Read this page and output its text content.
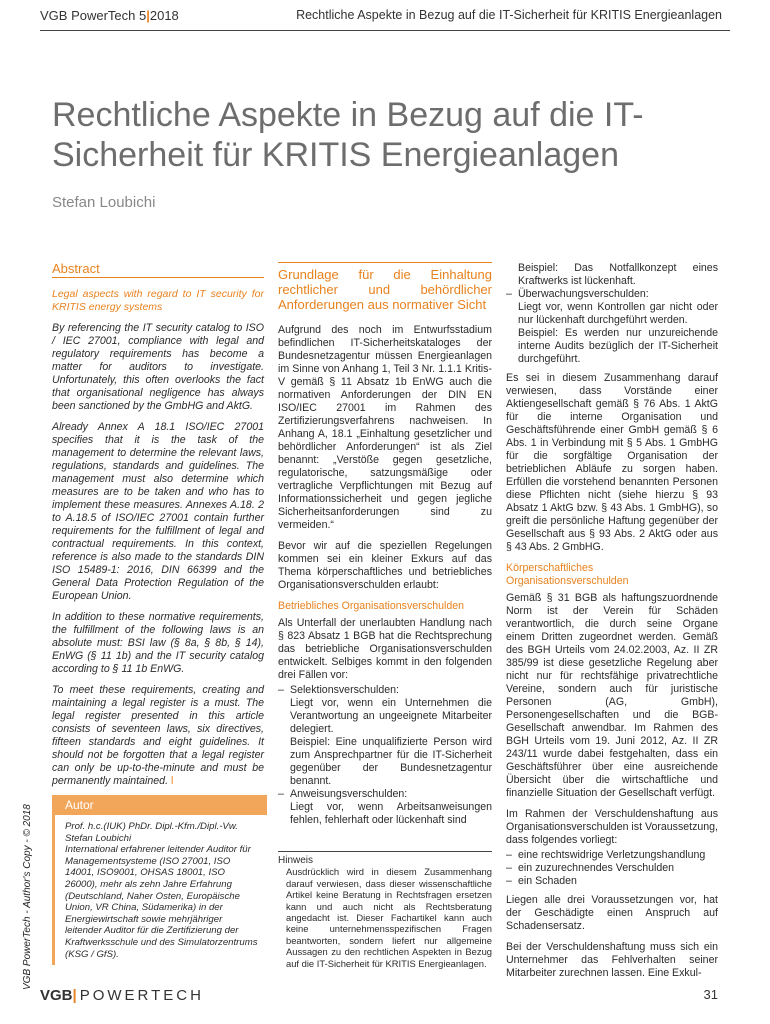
VGB PowerTech 5|2018	Rechtliche Aspekte in Bezug auf die IT-Sicherheit für KRITIS Energieanlagen
Rechtliche Aspekte in Bezug auf die IT-Sicherheit für KRITIS Energieanlagen
Stefan Loubichi
VGB PowerTech - Author's Copy - © 2018
Abstract
Legal aspects with regard to IT security for KRITIS energy systems

By referencing the IT security catalog to ISO / IEC 27001, compliance with legal and regulatory requirements has become a matter for auditors to investigate. Unfortunately, this often overlooks the fact that organisational negligence has always been sanctioned by the GmbHG and AktG.

Already Annex A 18.1 ISO/IEC 27001 specifies that it is the task of the management to determine the relevant laws, regulations, standards and guidelines. The management must also determine which measures are to be taken and who has to implement these measures. Annexes A.18. 2 to A.18.5 of ISO/IEC 27001 contain further requirements for the fulfillment of legal and contractual requirements. In this context, reference is also made to the standards DIN ISO 15489-1: 2016, DIN 66399 and the General Data Protection Regulation of the European Union.

In addition to these normative requirements, the fulfillment of the following laws is an absolute must: BSI law (§ 8a, § 8b, § 14), EnWG (§ 11 1b) and the IT security catalog according to § 11 1b EnWG.

To meet these requirements, creating and maintaining a legal register is a must. The legal register presented in this article consists of seventeen laws, six directives, fifteen standards and eight guidelines. It should not be forgotten that a legal register can only be up-to-the-minute and must be permanently maintained. l

Autor
Prof. h.c.(IUK) PhDr. Dipl.-Kfm./Dipl.-Vw. Stefan Loubichi
International erfahrener leitender Auditor für Managementsysteme (ISO 27001, ISO 14001, ISO9001, OHSAS 18001, ISO 26000), mehr als zehn Jahre Erfahrung (Deutschland, Naher Osten, Europäische Union, VR China, Südamerika) in der Energiewirtschaft sowie mehrjähriger leitender Auditor für die Zertifizierung der Kraftwerksschule und des Simulatorzentrums (KSG / GfS).
Grundlage für die Einhaltung rechtlicher und behördlicher Anforderungen aus normativer Sicht

Aufgrund des noch im Entwurfsstadium befindlichen IT-Sicherheitskataloges der Bundesnetzagentur müssen Energieanlagen im Sinne von Anhang 1, Teil 3 Nr. 1.1.1 Kritis-V gemäß § 11 Absatz 1b EnWG auch die normativen Anforderungen der DIN EN ISO/IEC 27001 im Rahmen des Zertifizierungsverfahrens nachweisen. In Anhang A, 18.1 „Einhaltung gesetzlicher und behördlicher Anforderungen“ ist als Ziel benannt: „Verstöße gegen gesetzliche, regulatorische, satzungsmäßige oder vertragliche Verpflichtungen mit Bezug auf Informationssicherheit und gegen jegliche Sicherheitsanforderungen sind zu vermeiden.“

Bevor wir auf die speziellen Regelungen kommen sei ein kleiner Exkurs auf das Thema körperschaftliches und betriebliches Organisationsverschulden erlaubt:

Betriebliches Organisationsverschulden

Als Unterfall der unerlaubten Handlung nach § 823 Absatz 1 BGB hat die Rechtsprechung das betriebliche Organisationsverschulden entwickelt. Selbiges kommt in den folgenden drei Fällen vor:

– Selektionsverschulden:
Liegt vor, wenn ein Unternehmen die Verantwortung an ungeeignete Mitarbeiter delegiert.
Beispiel: Eine unqualifizierte Person wird zum Ansprechpartner für die IT-Sicherheit gegenüber der Bundesnetzagentur benannt.
– Anweisungsverschulden:
Liegt vor, wenn Arbeitsanweisungen fehlen, fehlerhaft oder lückenhaft sind
Hinweis
Ausdrücklich wird in diesem Zusammenhang darauf verwiesen, dass dieser wissenschaftliche Artikel keine Beratung in Rechtsfragen ersetzen kann und auch nicht als Rechtsberatung angedacht ist. Dieser Fachartikel kann auch keine unternehmensspezifischen Fragen beantworten, sondern liefert nur allgemeine Aussagen zu den rechtlichen Aspekten in Bezug auf die IT-Sicherheit für KRITIS Energieanlagen.
Beispiel: Das Notfallkonzept eines Kraftwerks ist lückenhaft.
– Überwachungsverschulden:
Liegt vor, wenn Kontrollen gar nicht oder nur lückenhaft durchgeführt werden.
Beispiel: Es werden nur unzureichende interne Audits bezüglich der IT-Sicherheit durchgeführt.

Es sei in diesem Zusammenhang darauf verwiesen, dass Vorstände einer Aktiengesellschaft gemäß § 76 Abs. 1 AktG für die interne Organisation und Geschäftsführende einer GmbH gemäß § 6 Abs. 1 in Verbindung mit § 5 Abs. 1 GmbHG für die sorgfältige Organisation der betrieblichen Abläufe zu sorgen haben. Erfüllen die vorstehend benannten Personen diese Pflichten nicht (siehe hierzu § 93 Absatz 1 AktG bzw. § 43 Abs. 1 GmbHG), so greift die persönliche Haftung gegenüber der Gesellschaft aus § 93 Abs. 2 AktG oder aus § 43 Abs. 2 GmbHG.

Körperschaftliches Organisationsverschulden

Gemäß § 31 BGB als haftungszuordnende Norm ist der Verein für Schäden verantwortlich, die durch seine Organe einem Dritten zugeordnet werden. Gemäß des BGH Urteils vom 24.02.2003, Az. II ZR 385/99 ist diese gesetzliche Regelung aber nicht nur für rechtsfähige privatrechtliche Vereine, sondern auch für juristische Personen (AG, GmbH), Personengesellschaften und die BGB-Gesellschaft anwendbar. Im Rahmen des BGH Urteils vom 19. Juni 2012, Az. II ZR 243/11 wurde dabei festgehalten, dass ein Geschäftsführer über eine ausreichende Übersicht über die wirtschaftliche und finanzielle Situation der Gesellschaft verfügt.

Im Rahmen der Verschuldenshaftung aus Organisationsverschulden ist Voraussetzung, dass folgendes vorliegt:

– eine rechtswidrige Verletzungshandlung
– ein zuzurechnendes Verschulden
– ein Schaden

Liegen alle drei Voraussetzungen vor, hat der Geschädigte einen Anspruch auf Schadensersatz.

Bei der Verschuldenshaftung muss sich ein Unternehmer das Fehlverhalten seiner Mitarbeiter zurechnen lassen. Eine Exkul-

VGB|POWERTECH	31
